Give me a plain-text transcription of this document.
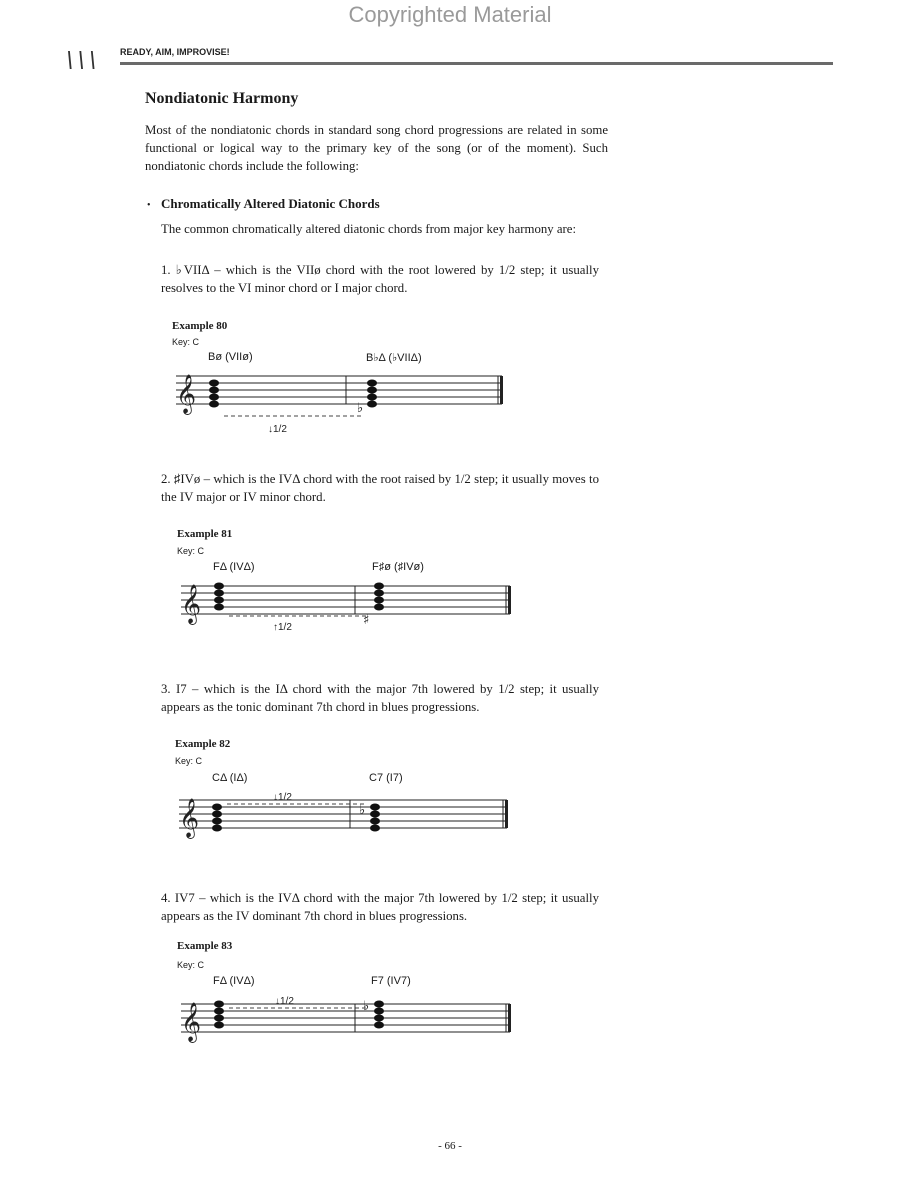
Copyrighted Material
\\\ READY, AIM, IMPROVISE!
Nondiatonic Harmony
Most of the nondiatonic chords in standard song chord progressions are related in some functional or logical way to the primary key of the song (or of the moment). Such nondiatonic chords include the following:
• Chromatically Altered Diatonic Chords
The common chromatically altered diatonic chords from major key harmony are:
1. ♭VIIΔ – which is the VIIø chord with the root lowered by 1/2 step; it usually resolves to the VI minor chord or I major chord.
Example 80
Key: C
Bø (VIIø)	B♭Δ (♭VIIΔ)
𝄞	♭
↓1/2
2. ♯IVø – which is the IVΔ chord with the root raised by 1/2 step; it usually moves to the IV major or IV minor chord.
Example 81
Key: C
FΔ (IVΔ)	F♯ø (♯IVø)
𝄞	♯
↑1/2
3. I7 – which is the IΔ chord with the major 7th lowered by 1/2 step; it usually appears as the tonic dominant 7th chord in blues progressions.
Example 82
Key: C
CΔ (IΔ)	C7 (I7)
↓1/2
𝄞	♭
4. IV7 – which is the IVΔ chord with the major 7th lowered by 1/2 step; it usually appears as the IV dominant 7th chord in blues progressions.
Example 83
Key: C
FΔ (IVΔ)	F7 (IV7)
↓1/2
𝄞	♭
- 66 -
